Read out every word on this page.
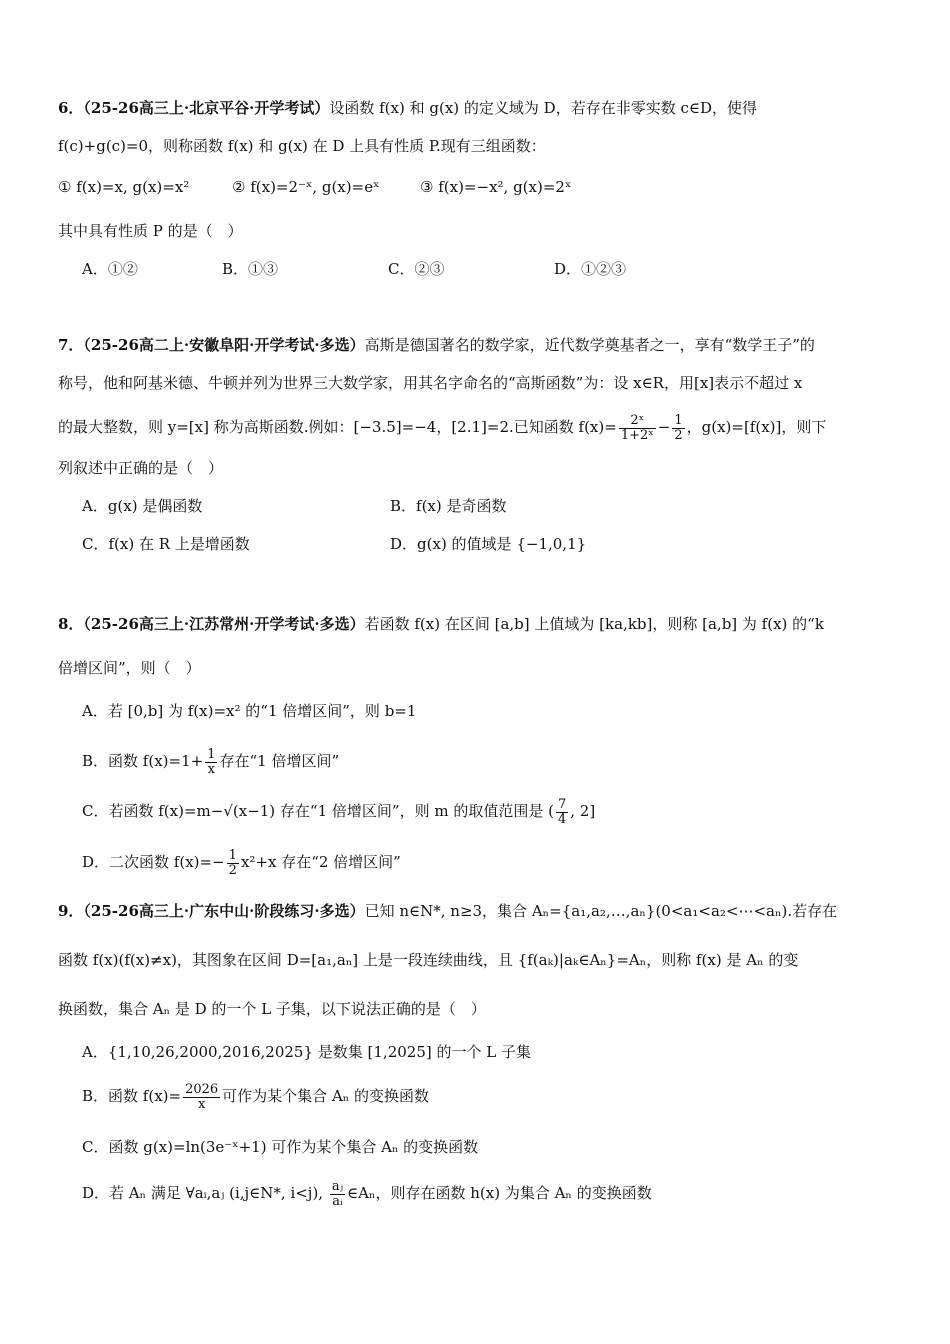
6．（25-26高三上·北京平谷·开学考试）设函数 f(x) 和 g(x) 的定义域为 D，若存在非零实数 c∈D，使得
f(c)+g(c)=0，则称函数 f(x) 和 g(x) 在 D 上具有性质 P.现有三组函数：
① f(x)=x, g(x)=x²	② f(x)=2⁻ˣ, g(x)=eˣ	③ f(x)=−x², g(x)=2ˣ
其中具有性质 P 的是（　）
A．①②	B．①③	C．②③	D．①②③
7．（25-26高二上·安徽阜阳·开学考试·多选）高斯是德国著名的数学家，近代数学奠基者之一，享有“数学王子”的
称号，他和阿基米德、牛顿并列为世界三大数学家，用其名字命名的“高斯函数”为：设 x∈R，用[x]表示不超过 x
的最大整数，则 y=[x] 称为高斯函数.例如：[−3.5]=−4，[2.1]=2.已知函数 $f(x)= \frac{\text{2ˣ}}{\text{1+2ˣ}} - \frac{1}{2}$ ，g(x)=[f(x)]，则下
列叙述中正确的是（　）
A．g(x) 是偶函数	B．f(x) 是奇函数
C．f(x) 在 R 上是增函数	D．g(x) 的值域是 {−1,0,1}
8．（25-26高三上·江苏常州·开学考试·多选）若函数 f(x) 在区间 [a,b] 上值域为 [ka,kb]，则称 [a,b] 为 f(x) 的“k
倍增区间”，则（　）
A．若 [0,b] 为 f(x)=x² 的“1 倍增区间”，则 b=1
B．函数 $f(x)=1+ \frac{1}{x}$ 存在“1 倍增区间”
C．若函数 f(x)=m−√(x−1) 存在“1 倍增区间”，则 m 的取值范围是 ( $\frac{7}{4}$ , 2]
D．二次函数 $f(x)=- \frac{1}{2} x^2+x$ 存在“2 倍增区间”
9．（25-26高三上·广东中山·阶段练习·多选）已知 n∈N*, n≥3，集合 Aₙ={a₁,a₂,…,aₙ}(0<a₁<a₂<⋯<aₙ).若存在
函数 f(x)(f(x)≠x)，其图象在区间 D=[a₁,aₙ] 上是一段连续曲线，且 {f(aₖ)|aₖ∈Aₙ}=Aₙ，则称 f(x) 是 Aₙ 的变
换函数，集合 Aₙ 是 D 的一个 L 子集，以下说法正确的是（　）
A．{1,10,26,2000,2016,2025} 是数集 [1,2025] 的一个 L 子集
B．函数 $f(x)= \frac{2026}{x}$ 可作为某个集合 Aₙ 的变换函数
C．函数 g(x)=ln(3e⁻ˣ+1) 可作为某个集合 Aₙ 的变换函数
D．若 Aₙ 满足 ∀aᵢ,aⱼ (i,j∈N*, i<j), $\frac{\text{aⱼ}}{\text{aᵢ}}$ ∈Aₙ，则存在函数 h(x) 为集合 Aₙ 的变换函数
